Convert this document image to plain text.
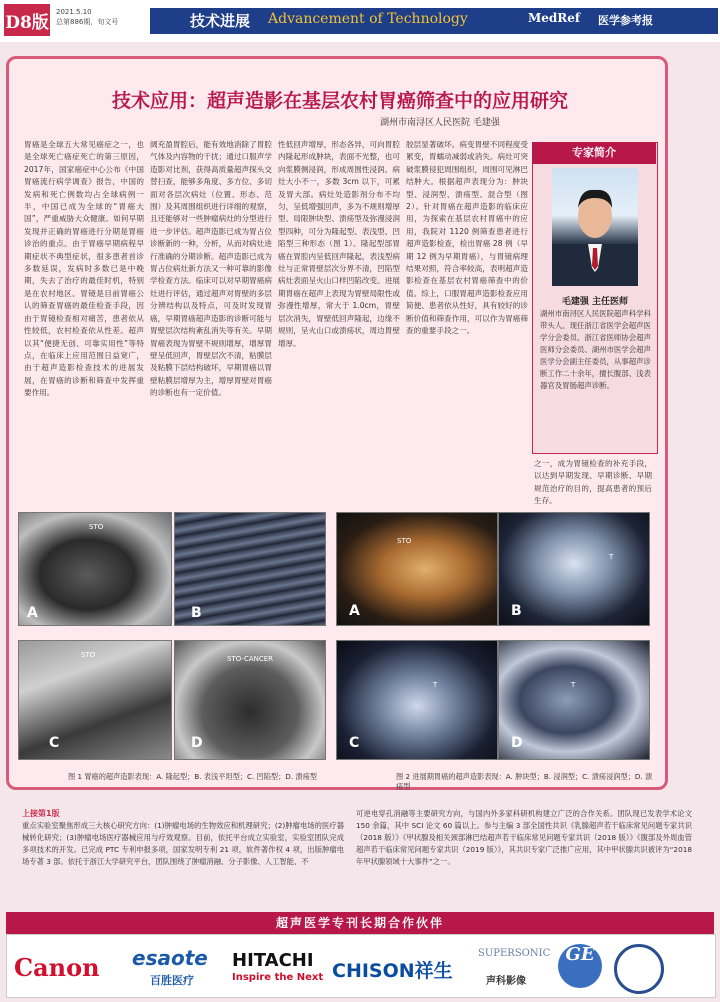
D8版
2021.5.10
总第886期，旬文号	技术进展 Advancement of Technology	MedRef 医学参考报
技术应用：超声造影在基层农村胃癌筛查中的应用研究
湖州市南浔区人民医院 毛建强
胃癌是全球五大常见癌症之一，也是全球死亡癌症死亡的第三原因，2017年，国家癌症中心公布《中国胃癌流行病学调查》报告，中国的发病和死亡例数均占全球病例一半，中国已成为全球的“胃癌大国”，严重威胁大众健康。如何早期发现并正确的胃癌进行分期是胃癌诊治的重点。由于胃癌早期病程早期症状不典型症状，很多患者首诊多数延误，发病时多数已是中晚期，失去了治疗的最佳时机，特别是在农村地区。胃镜是目前胃癌公认的筛查胃癌的最佳检查手段，因由于胃镜检查相对痛苦，患者依从性较低，农村检查依从性差。超声以其“便捷无创、可靠实用性”等特点，在临床上应用范围日益宽广，由于超声造影检查技术的进展发展，在胃癌的诊断和筛查中发挥重要作用。
阔充盈胃腔后，能有效地消除了胃腔气体及内容物的干扰；通过口服声学造影对比剂，获得高质量超声探头交替扫查，能够多角度、多方位、多切面对各层次病灶（位置、形态、范围）及其周围组织进行详细的观察，且还能够对一些肿瘤病灶的分型进行进一步评估。超声造影已成为胃占位诊断新的一种，分析，从而对病灶进行准确的分期诊断。超声造影已成为胃占位病灶新方法又一种可靠的影像学检查方法。临床可以对早期胃癌病灶进行评估，通过超声对胃壁的多层分辨结构以及特点，可及时发现胃癌，早期胃癌超声造影的诊断可能与胃壁层次结构紊乱消失等有关。早期胃癌表现为胃壁不规则增厚，增厚胃壁呈低回声，胃壁层次不清，粘膜层及粘膜下层结构破坏，早期胃癌以胃壁粘膜层增厚为主，增厚胃壁对胃癌的诊断也有一定价值。
性低回声增厚，形态各异，可向胃腔内隆起形成肿块，表面不光整，也可向浆膜侧浸润，形成周围性浸润。病灶大小不一，多数 3cm 以下，可累及胃大部。病灶处造影剂分布不均匀，呈低增强回声，多为不规则增厚型、局限肿块型、溃疡型及弥漫浸润型四种，可分为隆起型、表浅型、凹陷型三种形态（图 1）。隆起型部胃癌在胃腔内呈低回声隆起，表浅型病灶与正常胃壁层次分界不清，凹陷型病灶表面呈火山口样凹陷改变。进展期胃癌在超声上表现为胃壁局限性或弥漫性增厚，常大于 1.0cm，胃壁层次消失，胃壁低回声隆起，边缘不规则，呈火山口或溃疡状，周边胃壁增厚。
胶层显著破坏。病变胃壁不同程度受累变，胃蠕动减弱或消失。病灶可突破浆膜侵犯周围组织，周围可见淋巴结肿大。根据超声表现分为：肿块型、浸润型、溃疡型、混合型（图 2）。针对胃癌在超声造影的临床应用，为探索在基层农村胃癌中的应用，我院对 1120 例筛查患者进行超声造影检查，检出胃癌 28 例（早期 12 例为早期胃癌），与胃镜病理结果对照，符合率较高，表明超声造影检查在基层农村胃癌筛查中的价值。综上，口服胃超声造影检查应用简便、患者依从性好，具有较好的诊断价值和筛查作用，可以作为胃癌筛查的重要手段之一。
之一，成为胃镜检查的补充手段，以达到早期发现、早期诊断、早期规范治疗的目的，提高患者的预后生存。
专家简介
毛建强 主任医师
湖州市南浔区人民医院超声科学科带头人。现任浙江省医学会超声医学分会委员、浙江省医师协会超声医师分会委员、湖州市医学会超声医学分会副主任委员，从事超声诊断工作二十余年，擅长腹部、浅表器官及胃肠超声诊断。
A
STO
B
C
STO
D
STO-CANCER
A
STO
B
T
C
T
D
T
图 1 胃癌的超声造影表现：A. 隆起型；B. 表浅平坦型；C. 凹陷型；D. 溃疡型	图 2 进展期胃癌的超声造影表现：A. 肿块型；B. 浸润型；C. 溃疡浸润型；D. 溃疡型
上接第1版
重点实验室聚焦形成三大核心研究方向：(1)肿瘤电场的生物效应和机理研究；(2)肿瘤电场的医疗器械转化研究；(3)肿瘤电场医疗器械应用与疗效观察。目前，依托平台成立实验室，实验室团队完成多项技术的开发。已完成 PTC 专利申报多项，国家发明专利 21 项，软件著作权 4 项，出版肿瘤电场专著 3 部。依托于浙江大学研究平台，团队围绕了肿瘤消融、分子影像、人工智能、不
可逆电穿孔消融等主要研究方向，与国内外多家科研机构建立广泛的合作关系。团队现已发表学术论文 150 余篇，其中 SCI 论文 60 篇以上。参与主编 3 部全国性共识《乳腺超声若干临床常见问题专家共识（2018 版）》《甲状腺及相关颈部淋巴结超声若干临床常见问题专家共识（2018 版）》《腹部及外周血管超声若干临床常见问题专家共识（2019 版）》，其共识专家广泛推广应用，其中甲状腺共识被评为“2018 年甲状腺领域十大事件”之一。
超声医学专刊长期合作伙伴
Canon esaote
百胜医疗
HITACHI
Inspire the Next CHISON祥生
SUPERSONIC
声科影像
GE
